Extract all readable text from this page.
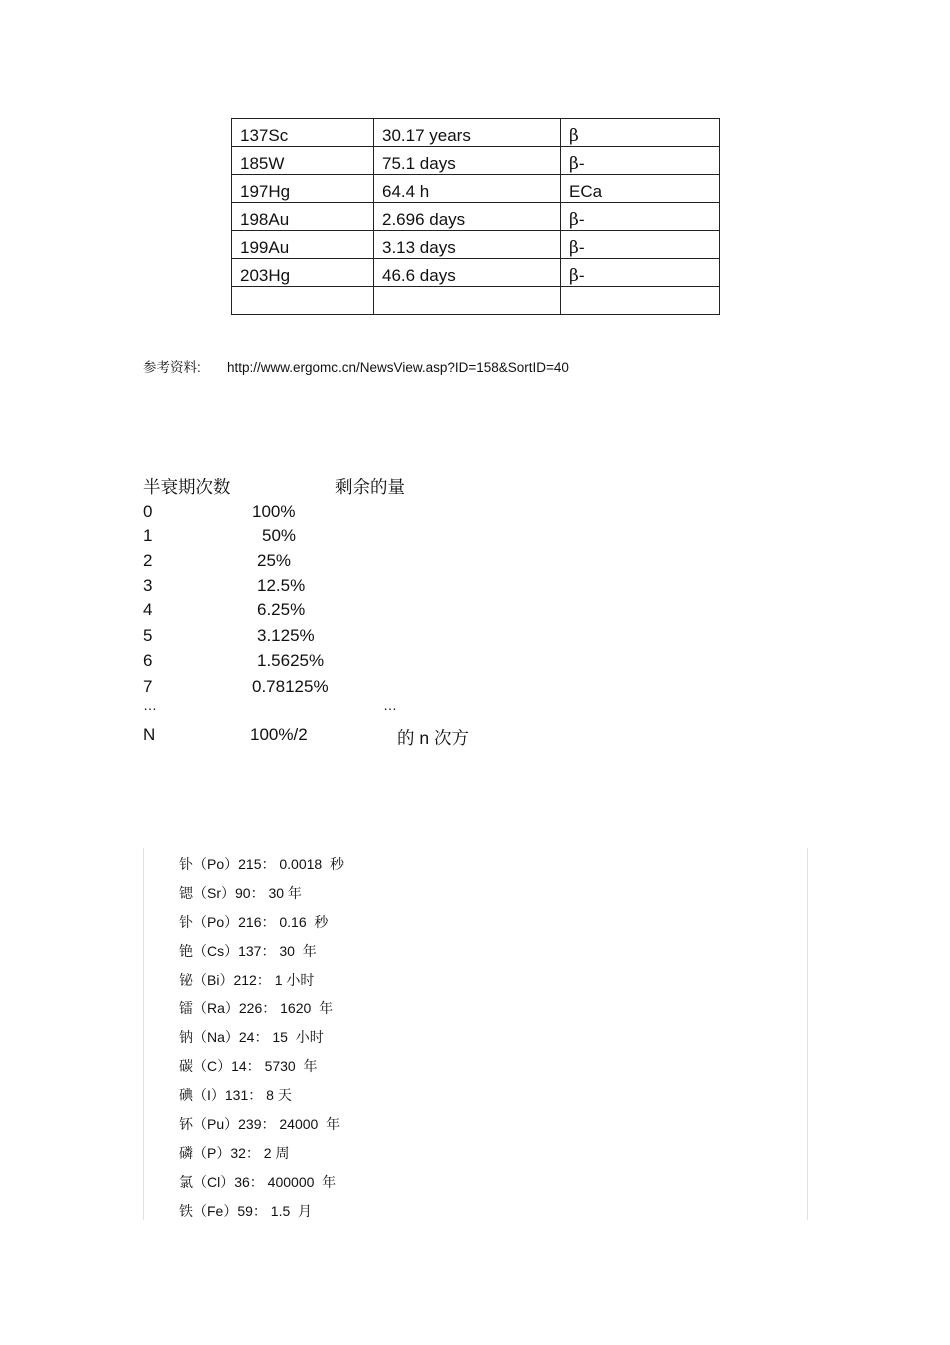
137Sc	30.17 years	β
185W	75.1 days	β-
197Hg	64.4 h	ECa
198Au	2.696 days	β-
199Au	3.13 days	β-
203Hg	46.6 days	β-

参考资料: http://www.ergomc.cn/NewsView.asp?ID=158&SortID=40
半衰期次数	剩余的量
0	100%
1	50%
2	25%
3	12.5%
4	6.25%
5	3.125%
6	1.5625%
7	0.78125%
…	…
N	100%/2	的 n 次方
钋（Po）215： 0.0018  秒
锶（Sr）90： 30 年
钋（Po）216： 0.16  秒
铯（Cs）137： 30  年
铋（Bi）212： 1 小时
镭（Ra）226： 1620  年
钠（Na）24： 15  小时
碳（C）14： 5730  年
碘（I）131： 8 天
钚（Pu）239： 24000  年
磷（P）32： 2 周
氯（Cl）36： 400000  年
铁（Fe）59： 1.5  月
